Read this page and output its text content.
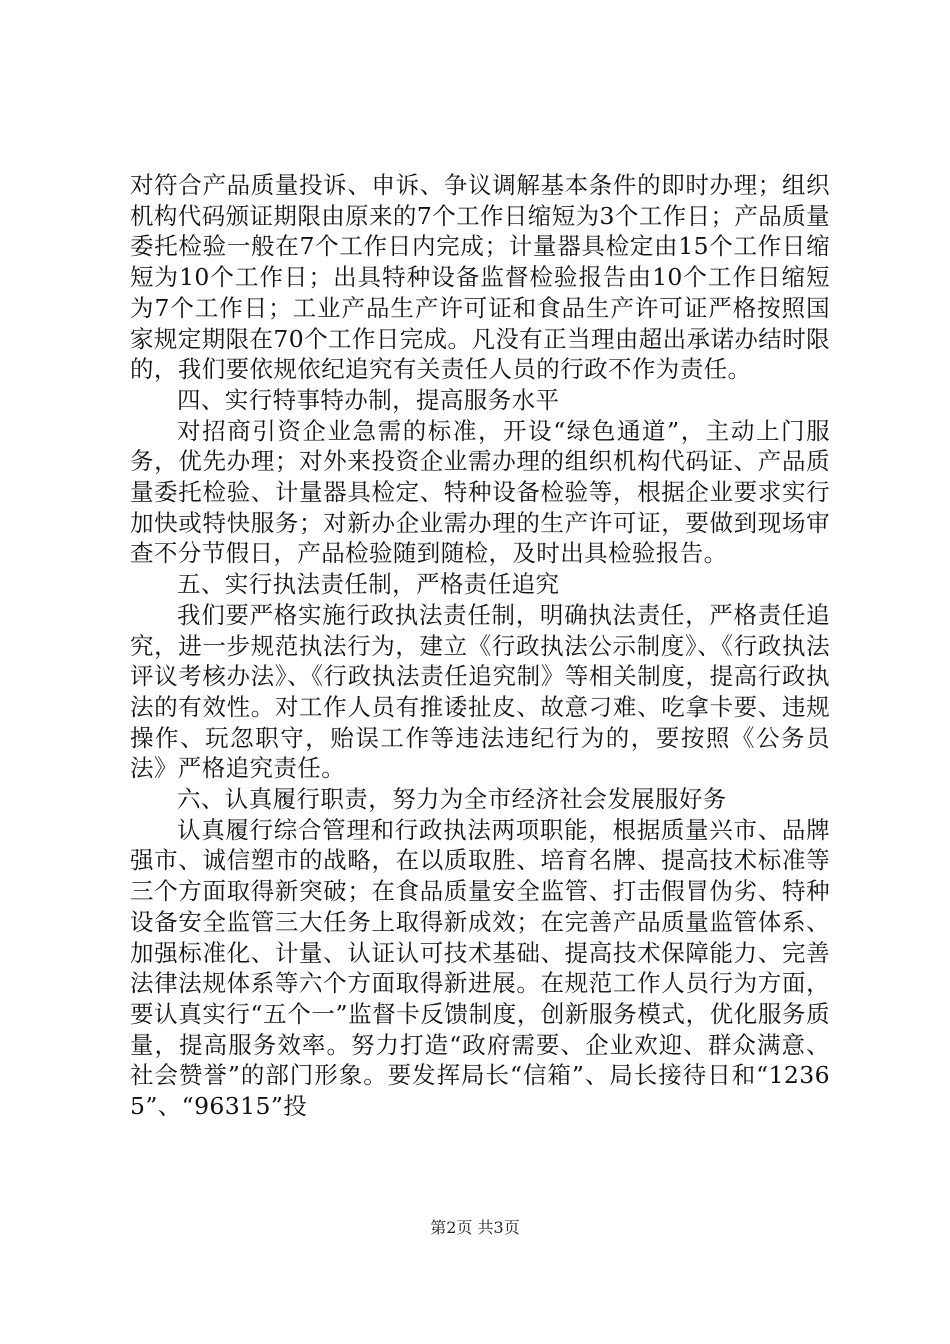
对符合产品质量投诉、申诉、争议调解基本条件的即时办理；组织机构代码颁证期限由原来的7个工作日缩短为3个工作日；产品质量委托检验一般在7个工作日内完成；计量器具检定由15个工作日缩短为10个工作日；出具特种设备监督检验报告由10个工作日缩短为7个工作日；工业产品生产许可证和食品生产许可证严格按照国家规定期限在70个工作日完成。凡没有正当理由超出承诺办结时限的，我们要依规依纪追究有关责任人员的行政不作为责任。

四、实行特事特办制，提高服务水平

对招商引资企业急需的标准，开设“绿色通道”，主动上门服务，优先办理；对外来投资企业需办理的组织机构代码证、产品质量委托检验、计量器具检定、特种设备检验等，根据企业要求实行加快或特快服务；对新办企业需办理的生产许可证，要做到现场审查不分节假日，产品检验随到随检，及时出具检验报告。

五、实行执法责任制，严格责任追究

我们要严格实施行政执法责任制，明确执法责任，严格责任追究，进一步规范执法行为，建立《行政执法公示制度》、《行政执法评议考核办法》、《行政执法责任追究制》等相关制度，提高行政执法的有效性。对工作人员有推诿扯皮、故意刁难、吃拿卡要、违规操作、玩忽职守，贻误工作等违法违纪行为的，要按照《公务员法》严格追究责任。

六、认真履行职责，努力为全市经济社会发展服好务

认真履行综合管理和行政执法两项职能，根据质量兴市、品牌强市、诚信塑市的战略，在以质取胜、培育名牌、提高技术标准等三个方面取得新突破；在食品质量安全监管、打击假冒伪劣、特种设备安全监管三大任务上取得新成效；在完善产品质量监管体系、加强标准化、计量、认证认可技术基础、提高技术保障能力、完善法律法规体系等六个方面取得新进展。在规范工作人员行为方面，要认真实行“五个一”监督卡反馈制度，创新服务模式，优化服务质量，提高服务效率。努力打造“政府需要、企业欢迎、群众满意、社会赞誉”的部门形象。要发挥局长“信箱”、局长接待日和“12365”、“96315”投

第2页 共3页
